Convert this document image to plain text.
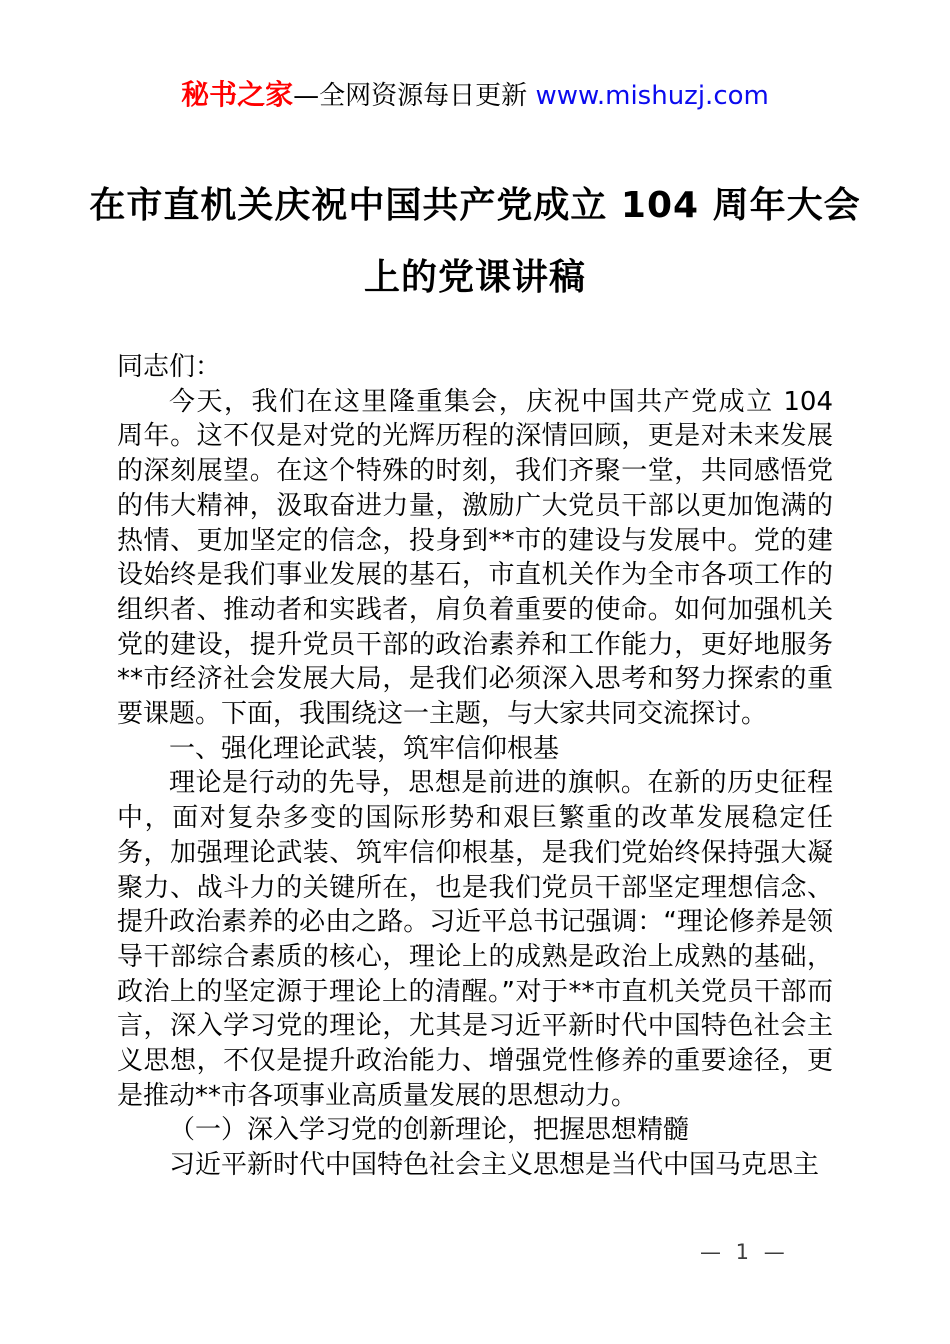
秘书之家—全网资源每日更新 www.mishuzj.com
在市直机关庆祝中国共产党成立 104 周年大会
上的党课讲稿

同志们：

今天，我们在这里隆重集会，庆祝中国共产党成立 104 周年。这不仅是对党的光辉历程的深情回顾，更是对未来发展的深刻展望。在这个特殊的时刻，我们齐聚一堂，共同感悟党的伟大精神，汲取奋进力量，激励广大党员干部以更加饱满的热情、更加坚定的信念，投身到**市的建设与发展中。党的建设始终是我们事业发展的基石，市直机关作为全市各项工作的组织者、推动者和实践者，肩负着重要的使命。如何加强机关党的建设，提升党员干部的政治素养和工作能力，更好地服务**市经济社会发展大局，是我们必须深入思考和努力探索的重要课题。下面，我围绕这一主题，与大家共同交流探讨。

一、强化理论武装，筑牢信仰根基

理论是行动的先导，思想是前进的旗帜。在新的历史征程中，面对复杂多变的国际形势和艰巨繁重的改革发展稳定任务，加强理论武装、筑牢信仰根基，是我们党始终保持强大凝聚力、战斗力的关键所在，也是我们党员干部坚定理想信念、提升政治素养的必由之路。习近平总书记强调：“理论修养是领导干部综合素质的核心，理论上的成熟是政治上成熟的基础，政治上的坚定源于理论上的清醒。”对于**市直机关党员干部而言，深入学习党的理论，尤其是习近平新时代中国特色社会主义思想，不仅是提升政治能力、增强党性修养的重要途径，更是推动**市各项事业高质量发展的思想动力。

（一）深入学习党的创新理论，把握思想精髓

习近平新时代中国特色社会主义思想是当代中国马克思主

— 1 —
